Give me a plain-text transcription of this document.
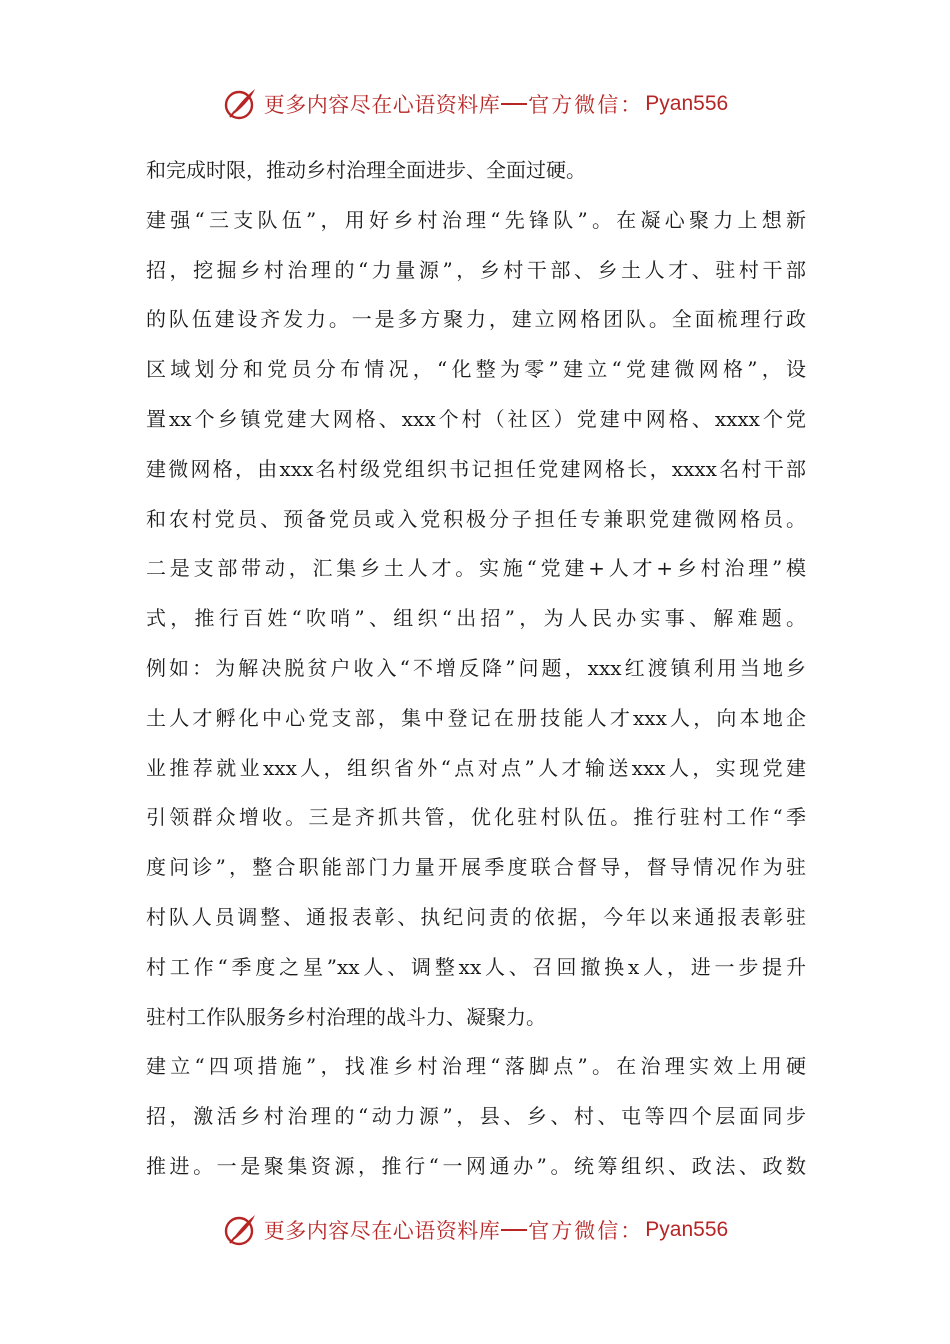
更多内容尽在心语资料库 官方微信： Pyan556
和完成时限，推动乡村治理全面进步、全面过硬。
建强“三支队伍”，用好乡村治理“先锋队”。在凝心聚力上想新
招，挖掘乡村治理的“力量源”，乡村干部、乡土人才、驻村干部
的队伍建设齐发力。一是多方聚力，建立网格团队。全面梳理行政
区域划分和党员分布情况，“化整为零”建立“党建微网格”，设
置xx个乡镇党建大网格、xxx个村（社区）党建中网格、xxxx个党
建微网格，由xxx名村级党组织书记担任党建网格长，xxxx名村干部
和农村党员、预备党员或入党积极分子担任专兼职党建微网格员。
二是支部带动，汇集乡土人才。实施“党建+人才+乡村治理”模
式，推行百姓“吹哨”、组织“出招”，为人民办实事、解难题。
例如：为解决脱贫户收入“不增反降”问题，xxx红渡镇利用当地乡
土人才孵化中心党支部，集中登记在册技能人才xxx人，向本地企
业推荐就业xxx人，组织省外“点对点”人才输送xxx人，实现党建
引领群众增收。三是齐抓共管，优化驻村队伍。推行驻村工作“季
度问诊”，整合职能部门力量开展季度联合督导，督导情况作为驻
村队人员调整、通报表彰、执纪问责的依据，今年以来通报表彰驻
村工作“季度之星”xx人、调整xx人、召回撤换x人，进一步提升
驻村工作队服务乡村治理的战斗力、凝聚力。
建立“四项措施”，找准乡村治理“落脚点”。在治理实效上用硬
招，激活乡村治理的“动力源”，县、乡、村、屯等四个层面同步
推进。一是聚集资源，推行“一网通办”。统筹组织、政法、政数
更多内容尽在心语资料库 官方微信： Pyan556
